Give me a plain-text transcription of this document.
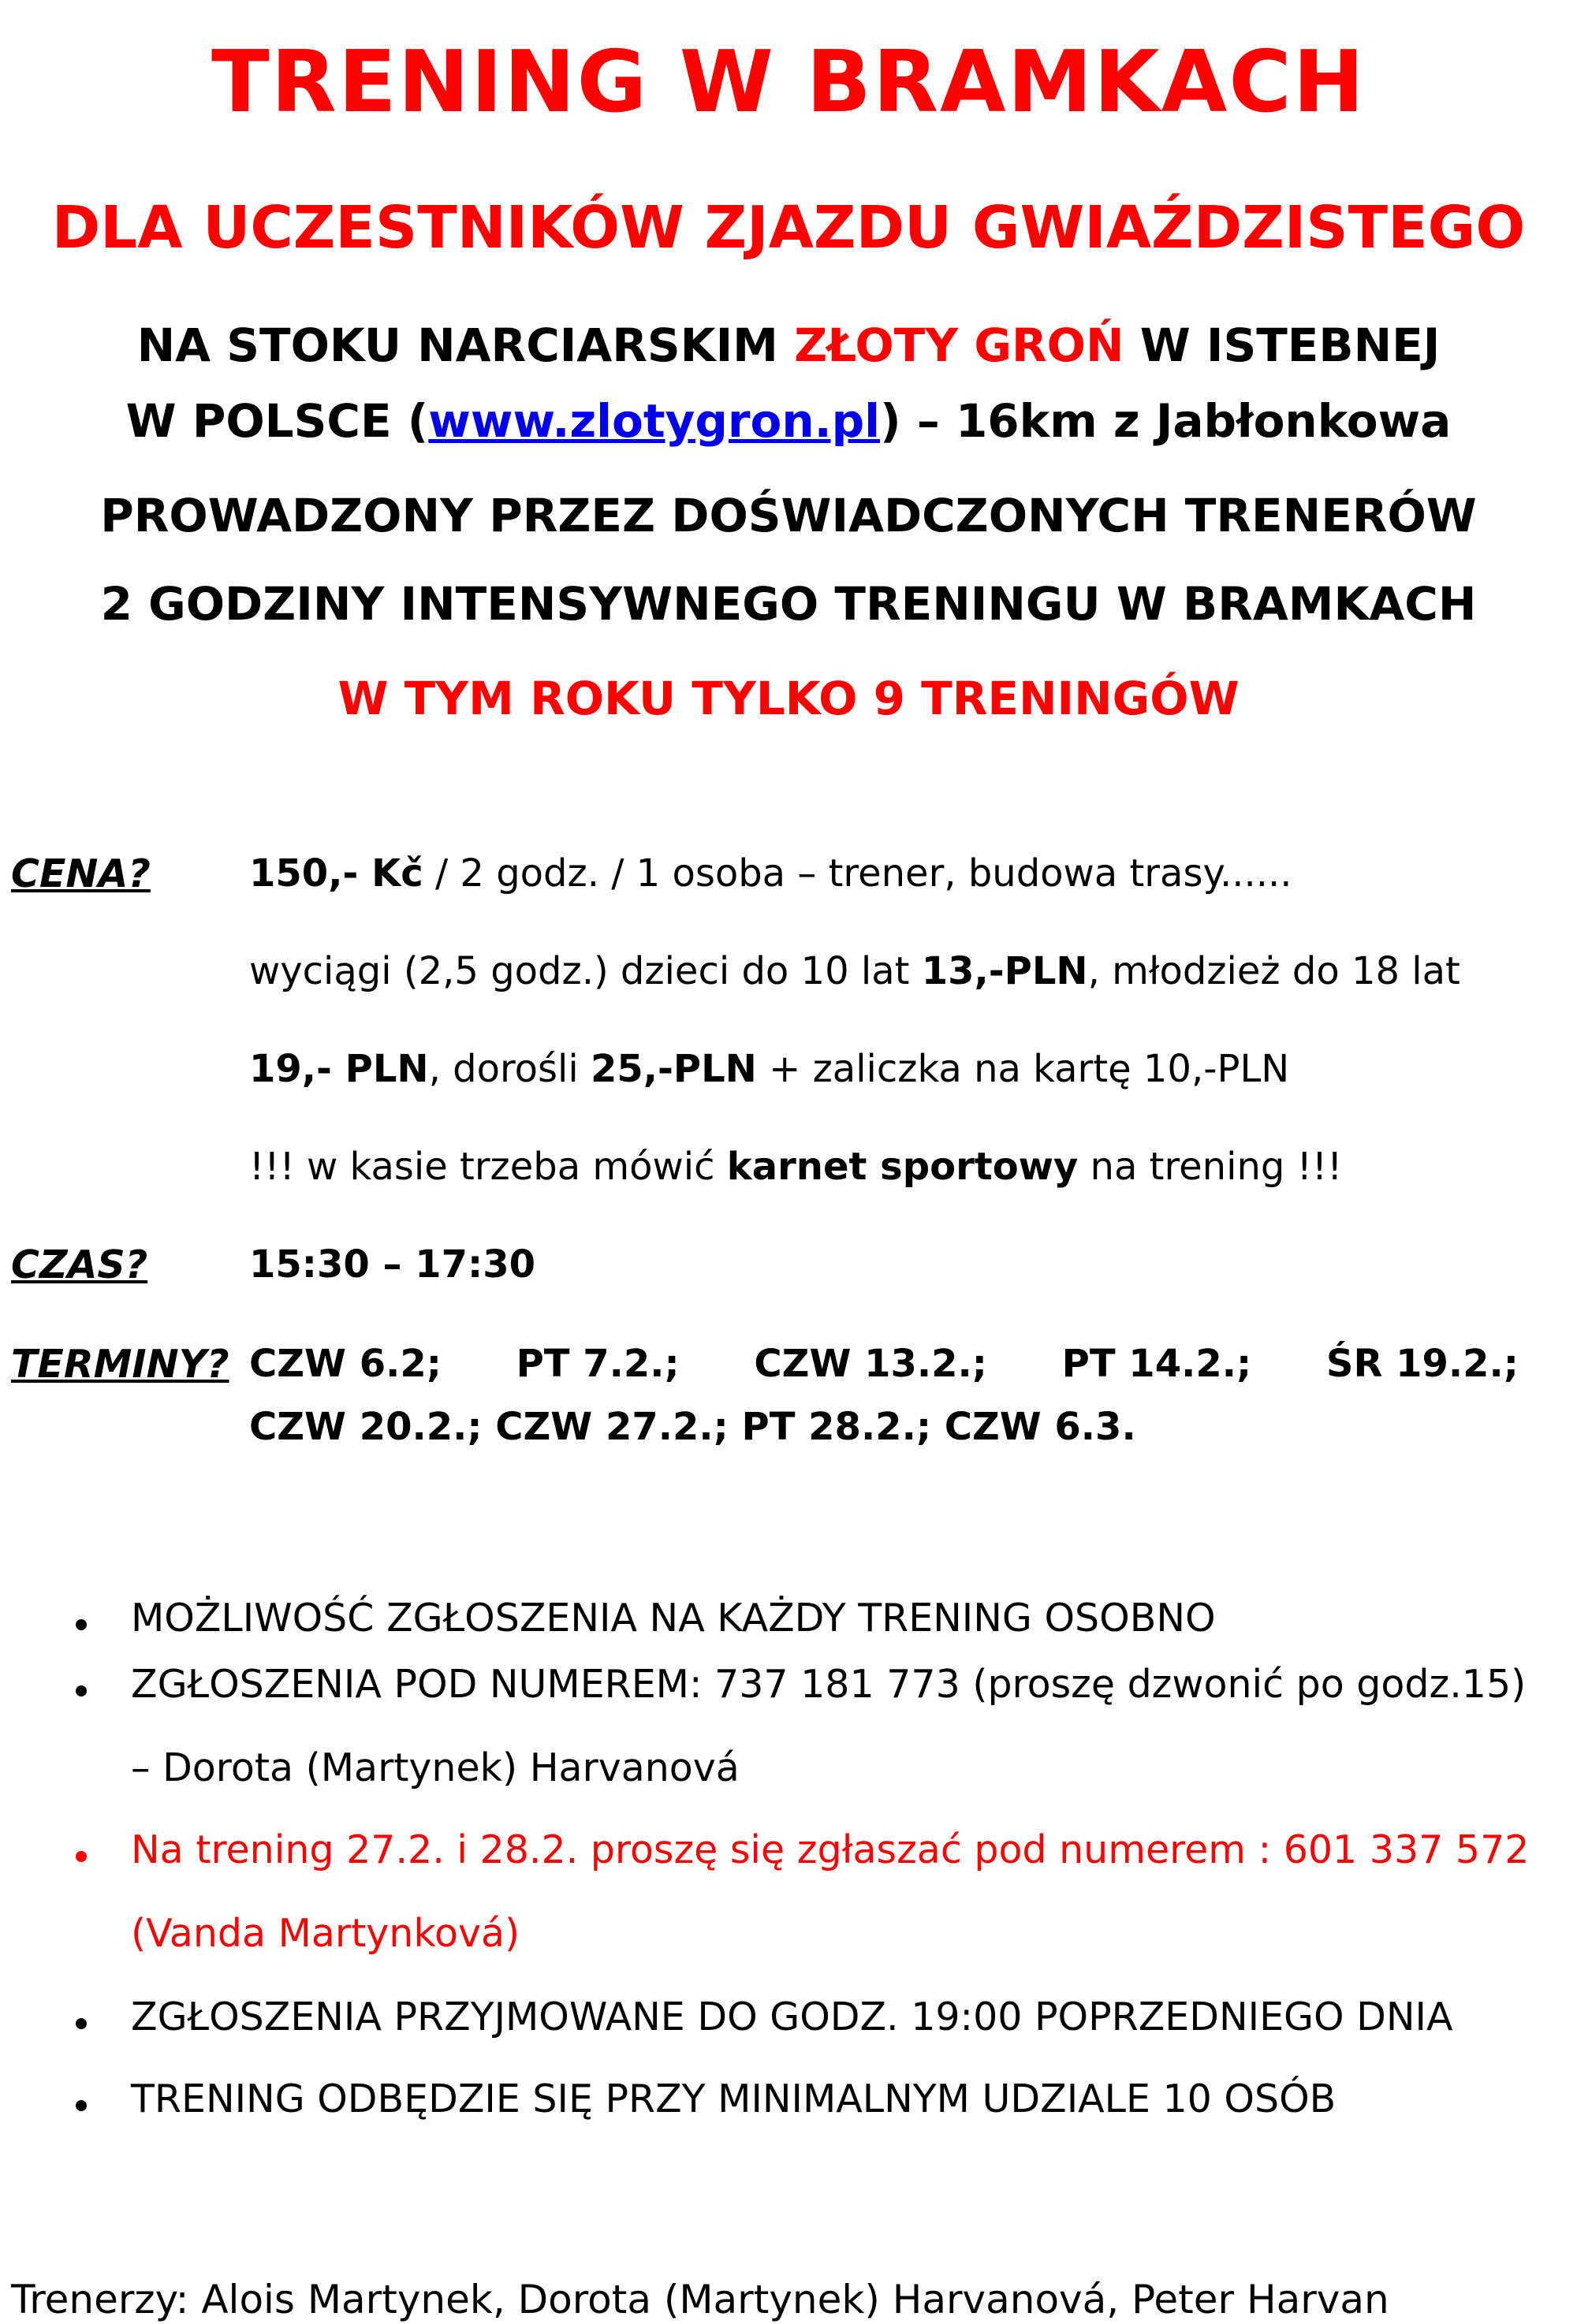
TRENING W BRAMKACH
DLA UCZESTNIKÓW ZJAZDU GWIAŹDZISTEGO
NA STOKU NARCIARSKIM ZŁOTY GROŃ W ISTEBNEJ
W POLSCE (www.zlotygron.pl) – 16km z Jabłonkowa
PROWADZONY PRZEZ DOŚWIADCZONYCH TRENERÓW
2 GODZINY INTENSYWNEGO TRENINGU W BRAMKACH
W TYM ROKU TYLKO 9 TRENINGÓW
CENA?	150,- Kč / 2 godz. / 1 osoba – trener, budowa trasy......
wyciągi (2,5 godz.) dzieci do 10 lat 13,-PLN, młodzież do 18 lat
19,- PLN, dorośli 25,-PLN + zaliczka na kartę 10,-PLN
!!! w kasie trzeba mówić karnet sportowy na trening !!!
CZAS?	15:30 – 17:30
TERMINY? CZW 6.2; PT 7.2.; CZW 13.2.; PT 14.2.; ŚR 19.2.;
CZW 20.2.; CZW 27.2.; PT 28.2.; CZW 6.3.
MOŻLIWOŚĆ ZGŁOSZENIA NA KAŻDY TRENING OSOBNO
ZGŁOSZENIA POD NUMEREM: 737 181 773 (proszę dzwonić po godz.15)
– Dorota (Martynek) Harvanová
Na trening 27.2. i 28.2. proszę się zgłaszać pod numerem : 601 337 572
(Vanda Martynková)
ZGŁOSZENIA PRZYJMOWANE DO GODZ. 19:00 POPRZEDNIEGO DNIA
TRENING ODBĘDZIE SIĘ PRZY MINIMALNYM UDZIALE 10 OSÓB
Trenerzy: Alois Martynek, Dorota (Martynek) Harvanová, Peter Harvan
